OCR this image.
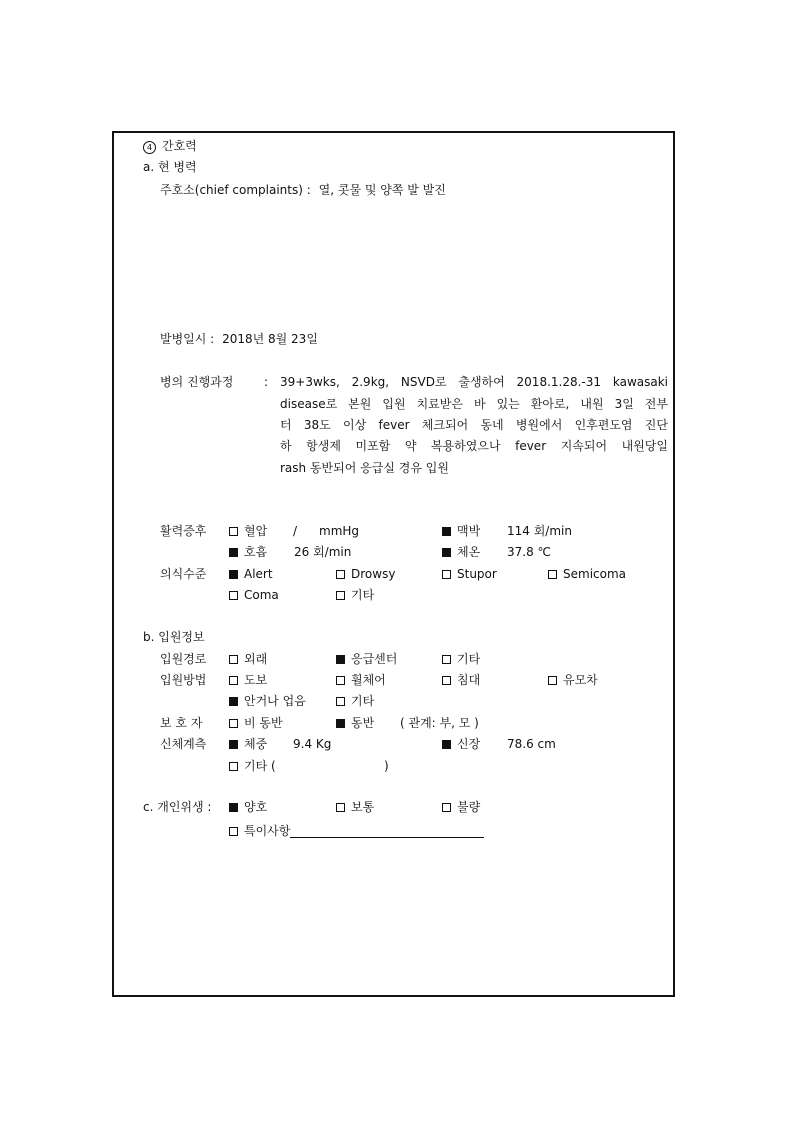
4 간호력
a. 현 병력
주호소(chief complaints) : 열, 콧물 및 양쪽 발 발진
발병일시 : 2018년 8월 23일
병의 진행과정	: 39+3wks, 2.9kg, NSVD로 출생하여 2018.1.28.-31 kawasaki
disease로 본원 입원 치료받은 바 있는 환아로, 내원 3일 전부
터 38도 이상 fever 체크되어 동네 병원에서 인후편도염 진단
하 항생제 미포함 약 복용하였으나 fever 지속되어 내원당일
rash 동반되어 응급실 경유 입원
활력증후	혈압 / mmHg	맥박 114 회/min
호흡 26 회/min	체온 37.8 ℃
의식수준	Alert	Drowsy	Stupor	Semicoma
Coma	기타
b. 입원정보
입원경로	외래	응급센터	기타
입원방법	도보	휠체어	침대	유모차
안거나 업음	기타
보 호 자	비 동반	동반 ( 관계: 부, 모 )
신체계측	체중 9.4 Kg	신장 78.6 cm
기타 (	)
c. 개인위생 :	양호	보통	불량
특이사항
